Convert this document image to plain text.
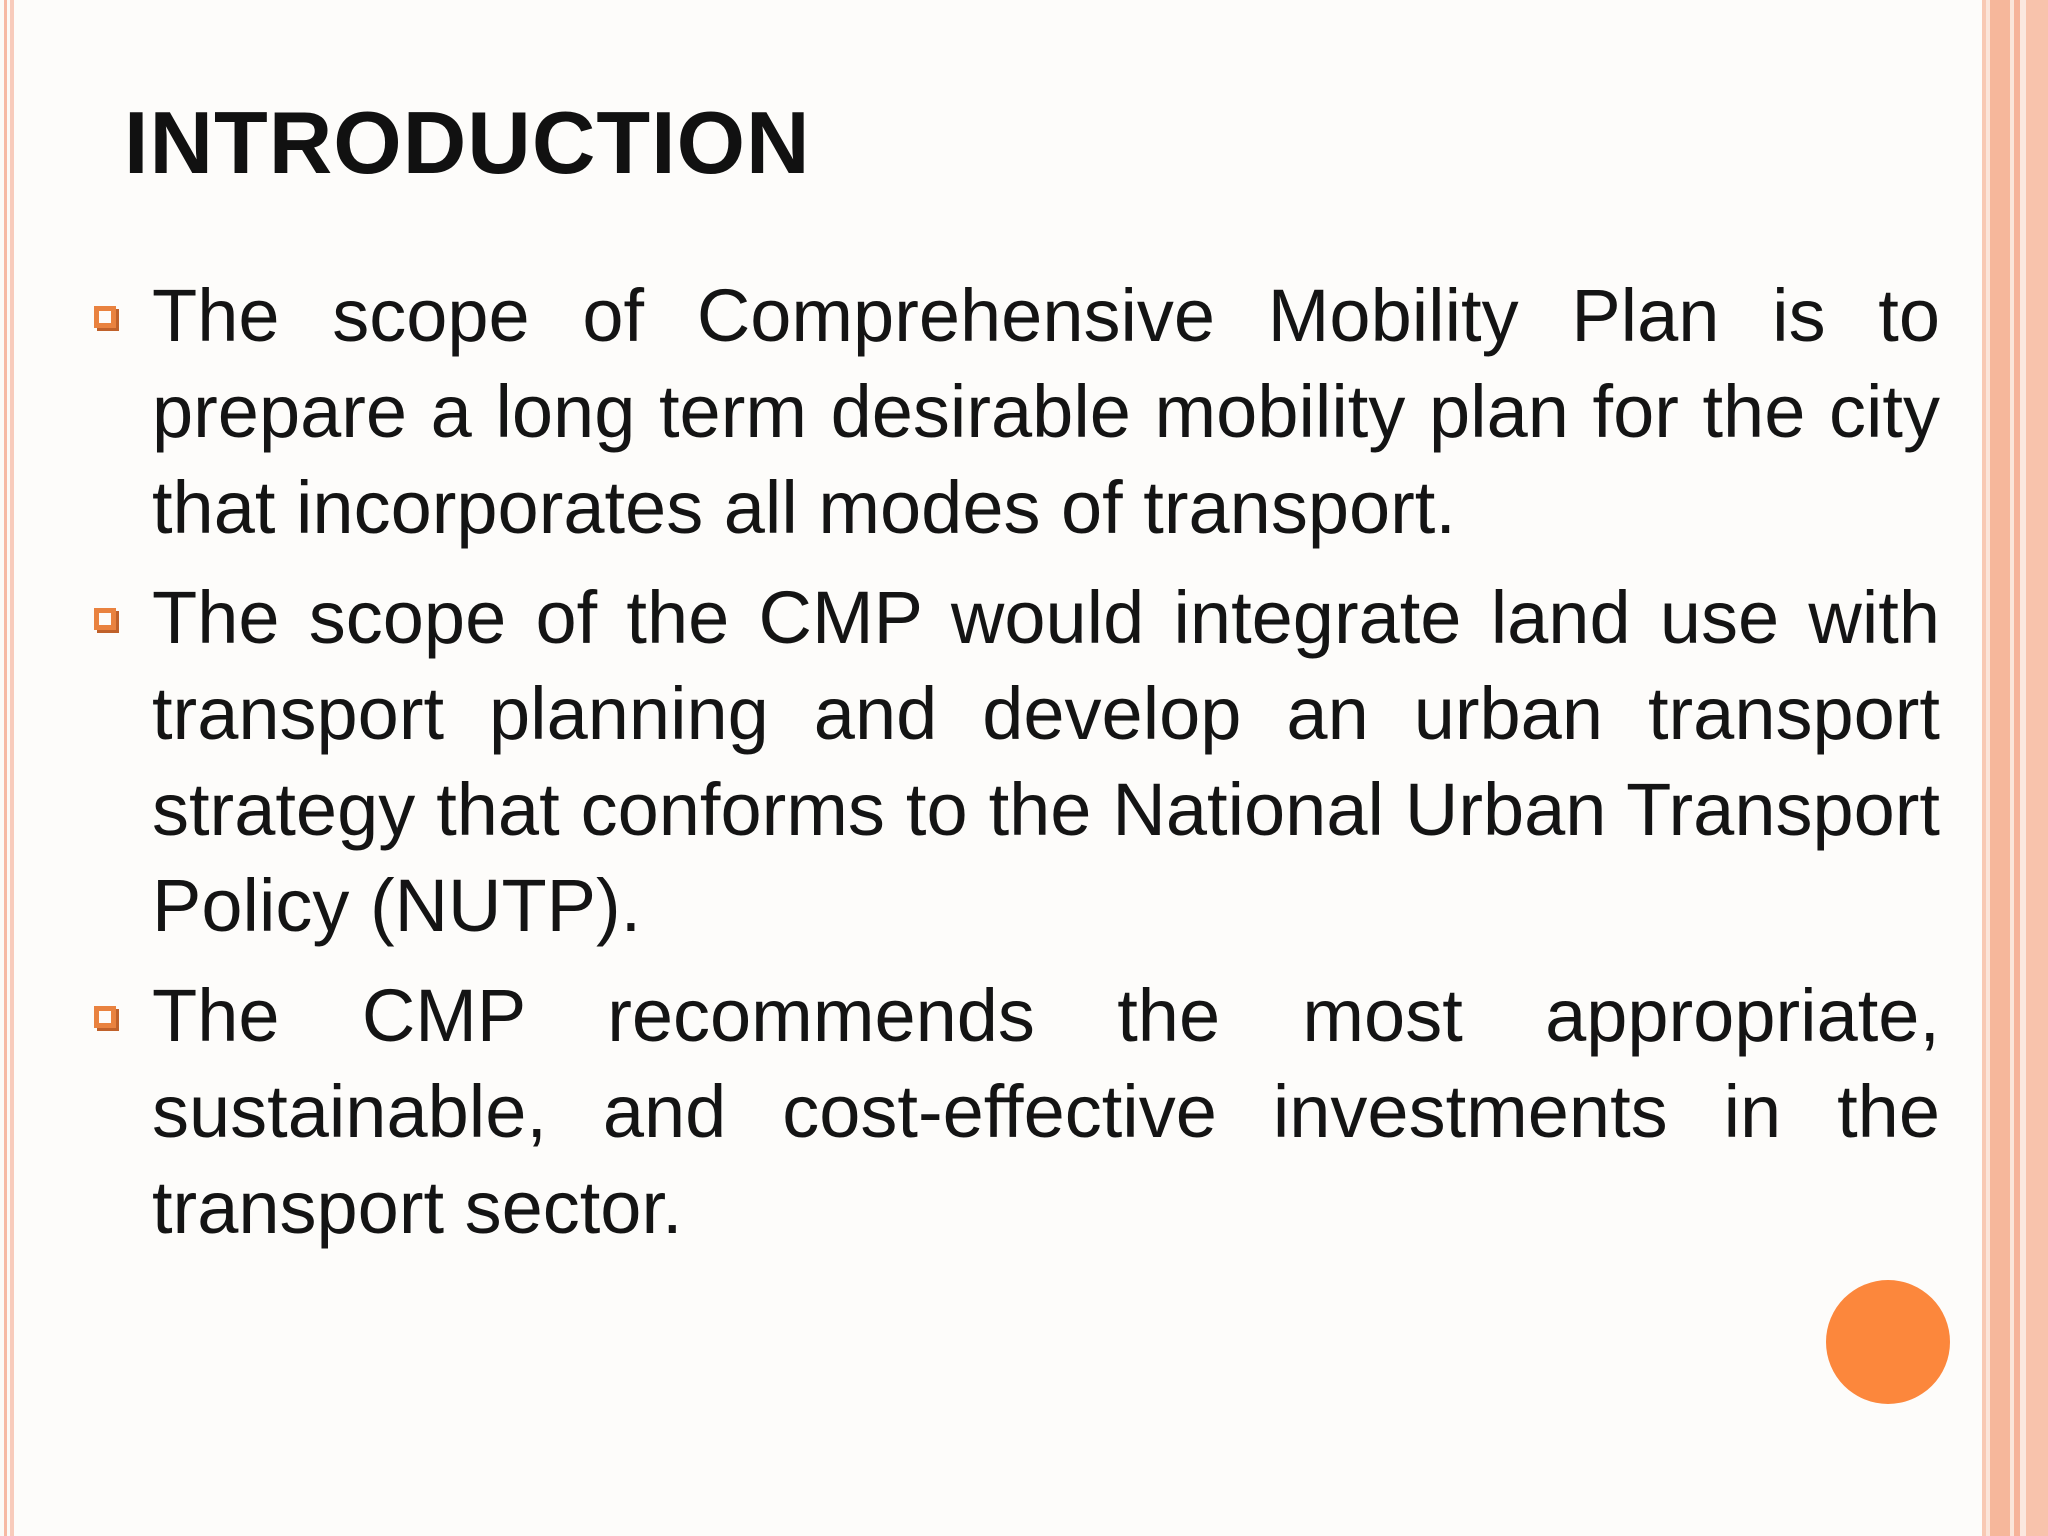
INTRODUCTION
The scope of Comprehensive Mobility Plan is to prepare a long term desirable mobility plan for the city that incorporates all modes of transport.
The scope of the CMP would integrate land use with transport planning and develop an urban transport strategy that conforms to the National Urban Transport Policy (NUTP).
The CMP recommends the most appropriate, sustainable, and cost-effective investments in the transport sector.
